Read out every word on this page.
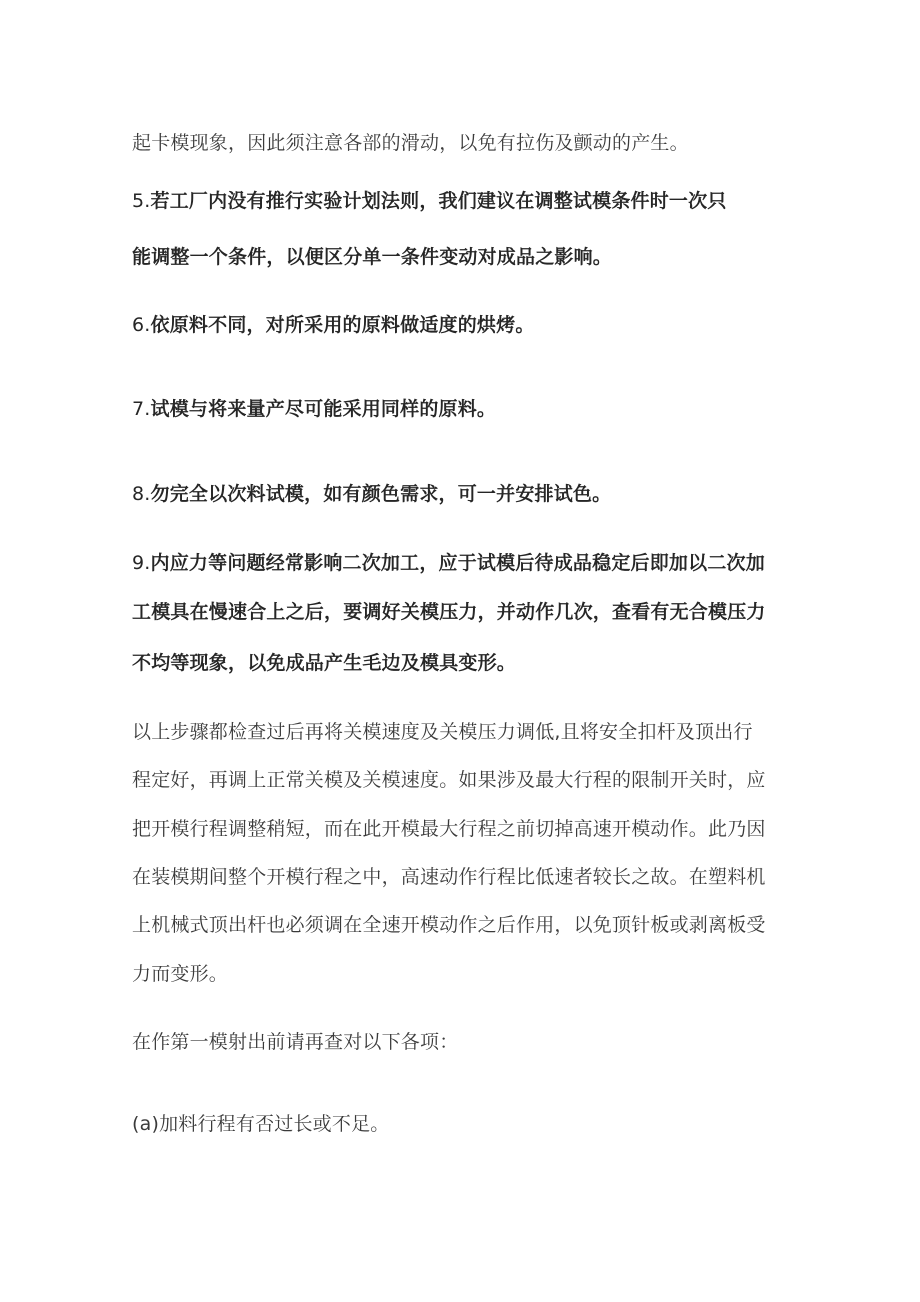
起卡模现象，因此须注意各部的滑动，以免有拉伤及颤动的产生。
5.若工厂内没有推行实验计划法则，我们建议在调整试模条件时一次只
能调整一个条件，以便区分单一条件变动对成品之影响。
6.依原料不同，对所采用的原料做适度的烘烤。
7.试模与将来量产尽可能采用同样的原料。
8.勿完全以次料试模，如有颜色需求，可一并安排试色。
9.内应力等问题经常影响二次加工，应于试模后待成品稳定后即加以二次加
工模具在慢速合上之后，要调好关模压力，并动作几次，查看有无合模压力
不均等现象，以免成品产生毛边及模具变形。
以上步骤都检查过后再将关模速度及关模压力调低,且将安全扣杆及顶出行
程定好，再调上正常关模及关模速度。如果涉及最大行程的限制开关时，应
把开模行程调整稍短，而在此开模最大行程之前切掉高速开模动作。此乃因
在装模期间整个开模行程之中，高速动作行程比低速者较长之故。在塑料机
上机械式顶出杆也必须调在全速开模动作之后作用，以免顶针板或剥离板受
力而变形。
在作第一模射出前请再查对以下各项：
(a)加料行程有否过长或不足。
